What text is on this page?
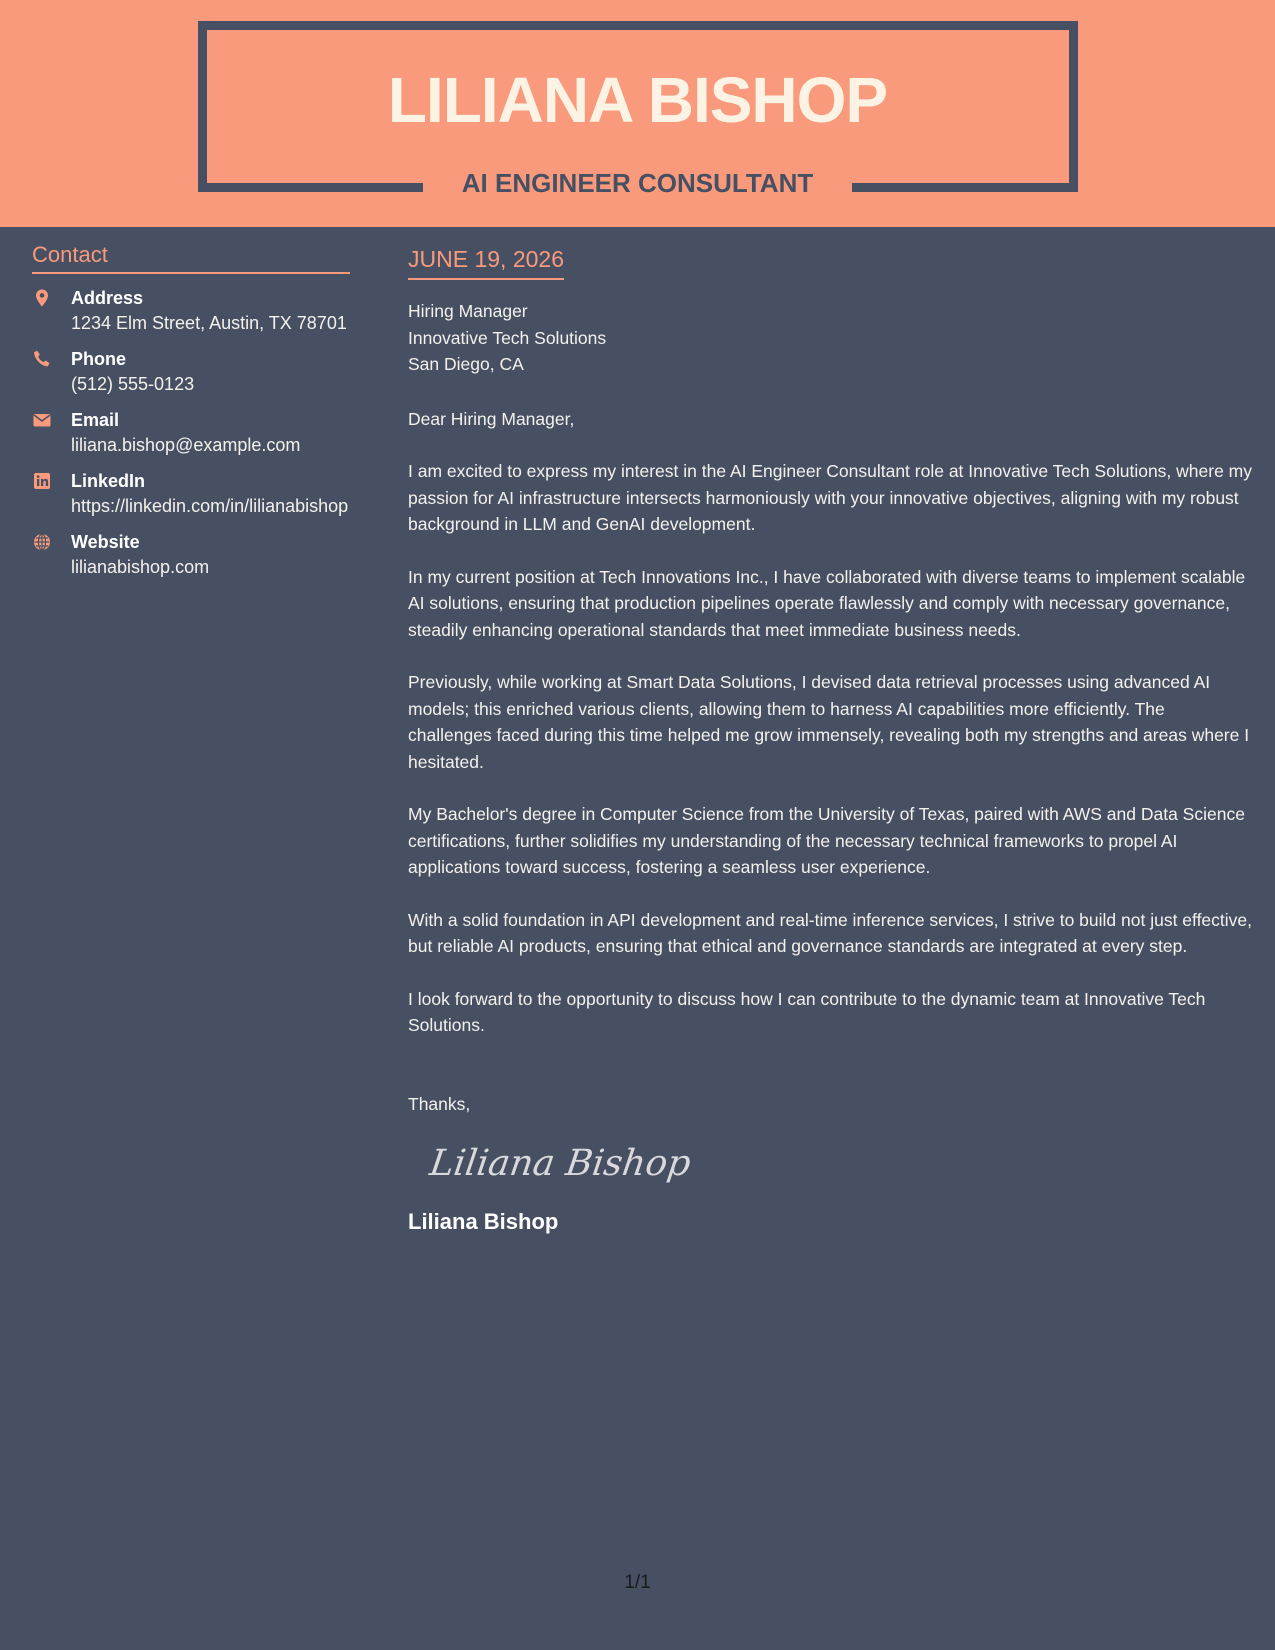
LILIANA BISHOP
AI ENGINEER CONSULTANT
Contact
Address
1234 Elm Street, Austin, TX 78701
Phone
(512) 555-0123
Email
liliana.bishop@example.com
LinkedIn
https://linkedin.com/in/lilianabishop
Website
lilianabishop.com
JUNE 19, 2026
Hiring Manager
Innovative Tech Solutions
San Diego, CA
Dear Hiring Manager,
I am excited to express my interest in the AI Engineer Consultant role at Innovative Tech Solutions, where my passion for AI infrastructure intersects harmoniously with your innovative objectives, aligning with my robust background in LLM and GenAI development.
In my current position at Tech Innovations Inc., I have collaborated with diverse teams to implement scalable AI solutions, ensuring that production pipelines operate flawlessly and comply with necessary governance, steadily enhancing operational standards that meet immediate business needs.
Previously, while working at Smart Data Solutions, I devised data retrieval processes using advanced AI models; this enriched various clients, allowing them to harness AI capabilities more efficiently. The challenges faced during this time helped me grow immensely, revealing both my strengths and areas where I hesitated.
My Bachelor's degree in Computer Science from the University of Texas, paired with AWS and Data Science certifications, further solidifies my understanding of the necessary technical frameworks to propel AI applications toward success, fostering a seamless user experience.
With a solid foundation in API development and real-time inference services, I strive to build not just effective, but reliable AI products, ensuring that ethical and governance standards are integrated at every step.
I look forward to the opportunity to discuss how I can contribute to the dynamic team at Innovative Tech Solutions.
Thanks,
Liliana Bishop
Liliana Bishop
1/1
